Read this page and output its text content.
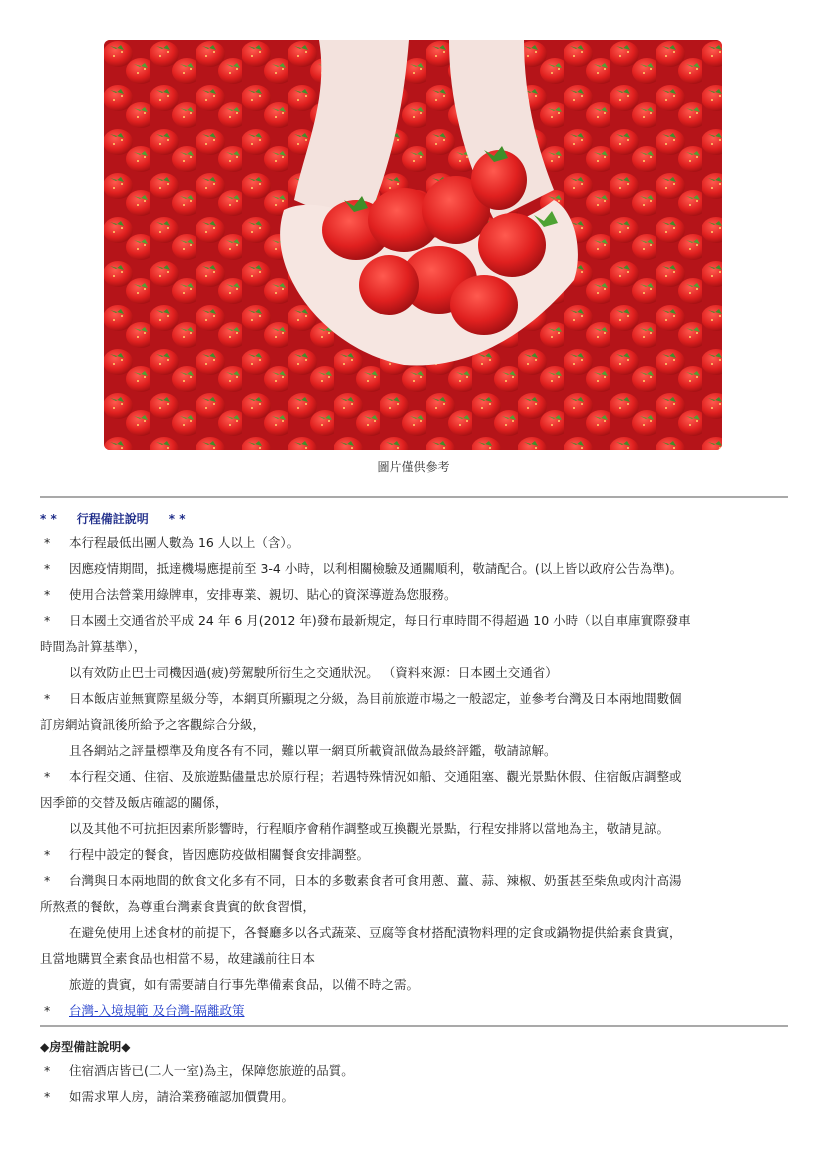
圖片僅供參考
* * 行程備註說明 * *
* 本行程最低出團人數為 16 人以上（含）。
* 因應疫情期間，抵達機場應提前至 3-4 小時，以利相關檢驗及通關順利，敬請配合。(以上皆以政府公告為準)。
* 使用合法營業用綠牌車，安排專業、親切、貼心的資深導遊為您服務。
* 日本國土交通省於平成 24 年 6 月(2012 年)發布最新規定，每日行車時間不得超過 10 小時（以自車庫實際發車
時間為計算基準），
以有效防止巴士司機因過(疲)勞駕駛所衍生之交通狀況。 （資料來源：日本國土交通省）
* 日本飯店並無實際星級分等，本網頁所顯現之分級，為目前旅遊市場之一般認定，並參考台灣及日本兩地間數個
訂房網站資訊後所給予之客觀綜合分級，
且各網站之評量標準及角度各有不同，難以單一網頁所載資訊做為最終評鑑，敬請諒解。
* 本行程交通、住宿、及旅遊點儘量忠於原行程；若遇特殊情況如船、交通阻塞、觀光景點休假、住宿飯店調整或
因季節的交替及飯店確認的關係，
以及其他不可抗拒因素所影響時，行程順序會稍作調整或互換觀光景點，行程安排將以當地為主，敬請見諒。
* 行程中設定的餐食，皆因應防疫做相關餐食安排調整。
* 台灣與日本兩地間的飲食文化多有不同，日本的多數素食者可食用蔥、薑、蒜、辣椒、奶蛋甚至柴魚或肉汁高湯
所熬煮的餐飲，為尊重台灣素食貴賓的飲食習慣，
在避免使用上述食材的前提下，各餐廳多以各式蔬菜、豆腐等食材搭配漬物料理的定食或鍋物提供給素食貴賓，
且當地購買全素食品也相當不易，故建議前往日本
旅遊的貴賓，如有需要請自行事先準備素食品，以備不時之需。
* 台灣-入境規範 及台灣-隔離政策
◆房型備註說明◆
* 住宿酒店皆已(二人一室)為主，保障您旅遊的品質。
* 如需求單人房，請洽業務確認加價費用。
